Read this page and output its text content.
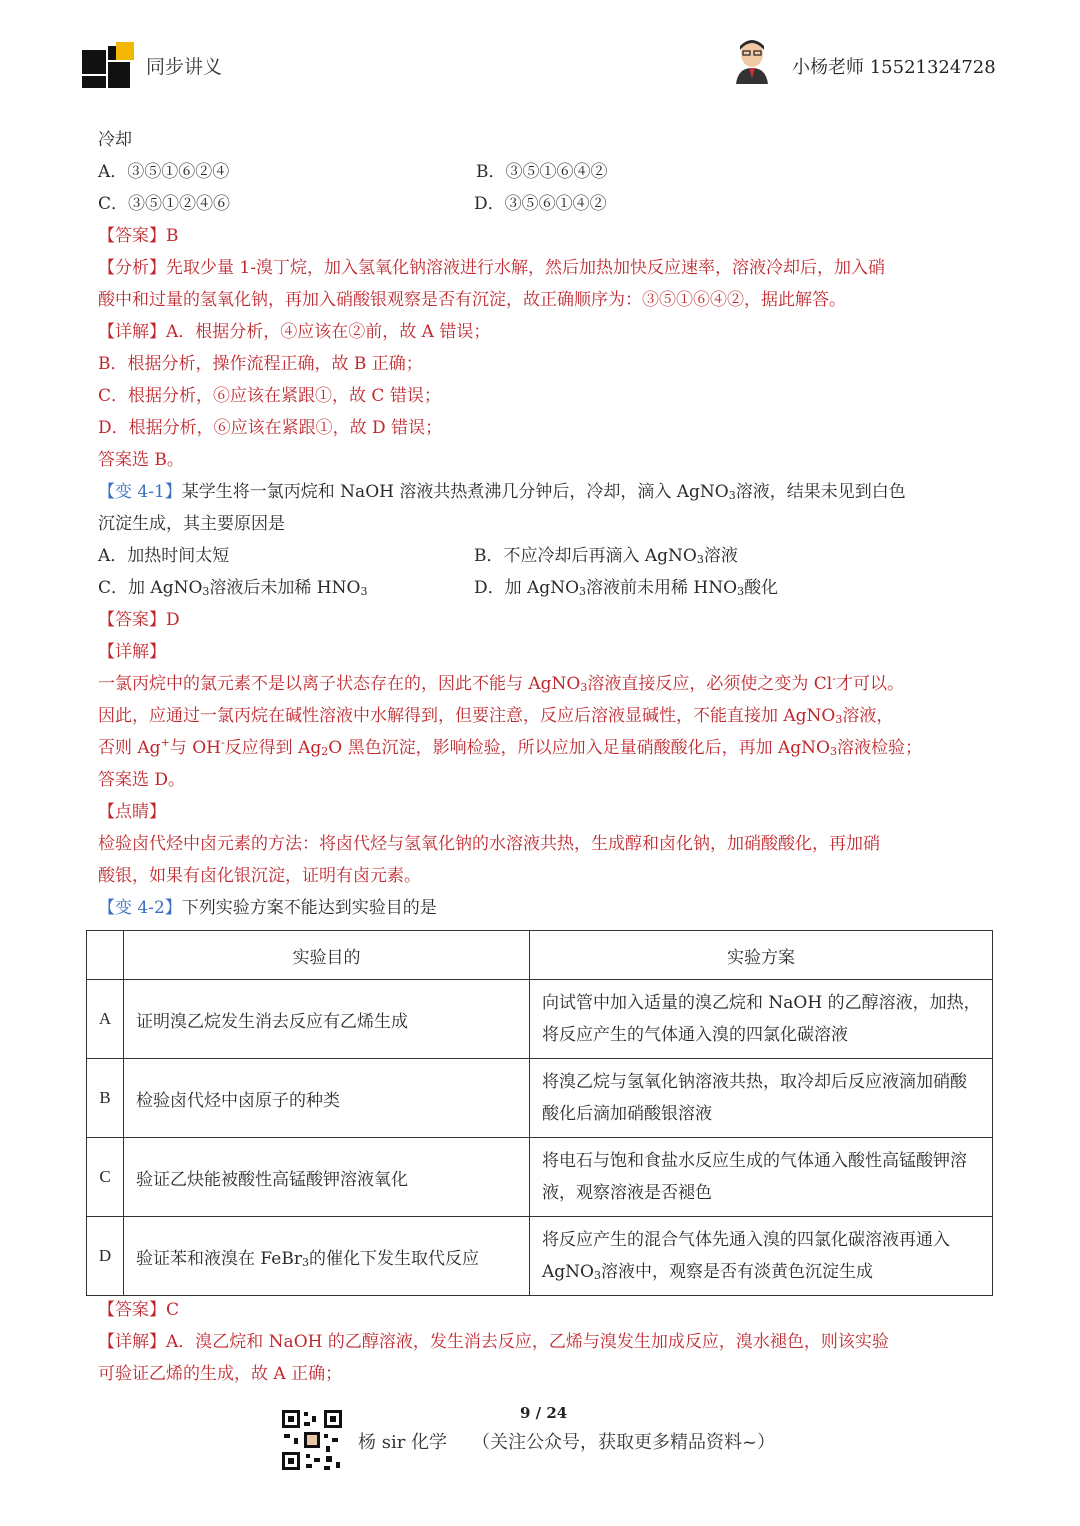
同步讲义	小杨老师 15521324728
冷却
A．③⑤①⑥②④	B．③⑤①⑥④②
C．③⑤①②④⑥	D．③⑤⑥①④②
【答案】B
【分析】先取少量 1-溴丁烷，加入氢氧化钠溶液进行水解，然后加热加快反应速率，溶液冷却后，加入硝
酸中和过量的氢氧化钠，再加入硝酸银观察是否有沉淀，故正确顺序为：③⑤①⑥④②，据此解答。
【详解】A．根据分析，④应该在②前，故 A 错误；
B．根据分析，操作流程正确，故 B 正确；
C．根据分析，⑥应该在紧跟①，故 C 错误；
D．根据分析，⑥应该在紧跟①，故 D 错误；
答案选 B。
【变 4-1】某学生将一氯丙烷和 NaOH 溶液共热煮沸几分钟后，冷却，滴入 AgNO$_3$溶液，结果未见到白色
沉淀生成，其主要原因是
A．加热时间太短	B．不应冷却后再滴入 AgNO$_3$溶液
C．加 AgNO$_3$溶液后未加稀 $HNO_3$	D．加 AgNO$_3$溶液前未用稀 $HNO_3$酸化
【答案】D
【详解】
一氯丙烷中的氯元素不是以离子状态存在的，因此不能与 AgNO$_3$溶液直接反应，必须使之变为 Cl-才可以。
因此，应通过一氯丙烷在碱性溶液中水解得到，但要注意，反应后溶液显碱性，不能直接加 AgNO$_3$溶液，
否则 Ag+与 OH-反应得到 $Ag_2O$ 黑色沉淀，影响检验，所以应加入足量硝酸酸化后，再加 AgNO$_3$溶液检验；
答案选 D。
【点睛】
检验卤代烃中卤元素的方法：将卤代烃与氢氧化钠的水溶液共热，生成醇和卤化钠，加硝酸酸化，再加硝
酸银，如果有卤化银沉淀，证明有卤元素。
【变 4-2】下列实验方案不能达到实验目的是
	实验目的	实验方案
A	证明溴乙烷发生消去反应有乙烯生成	向试管中加入适量的溴乙烷和 NaOH 的乙醇溶液，加热，将反应产生的气体通入溴的四氯化碳溶液
B	检验卤代烃中卤原子的种类	将溴乙烷与氢氧化钠溶液共热，取冷却后反应液滴加硝酸酸化后滴加硝酸银溶液
C	验证乙炔能被酸性高锰酸钾溶液氧化	将电石与饱和食盐水反应生成的气体通入酸性高锰酸钾溶液，观察溶液是否褪色
D	验证苯和液溴在 FeBr$_3$的催化下发生取代反应	将反应产生的混合气体先通入溴的四氯化碳溶液再通入 AgNO$_3$溶液中，观察是否有淡黄色沉淀生成
【答案】C
【详解】A．溴乙烷和 NaOH 的乙醇溶液，发生消去反应，乙烯与溴发生加成反应，溴水褪色，则该实验
可验证乙烯的生成，故 A 正确；
9 / 24
杨 sir 化学 （关注公众号，获取更多精品资料~）
